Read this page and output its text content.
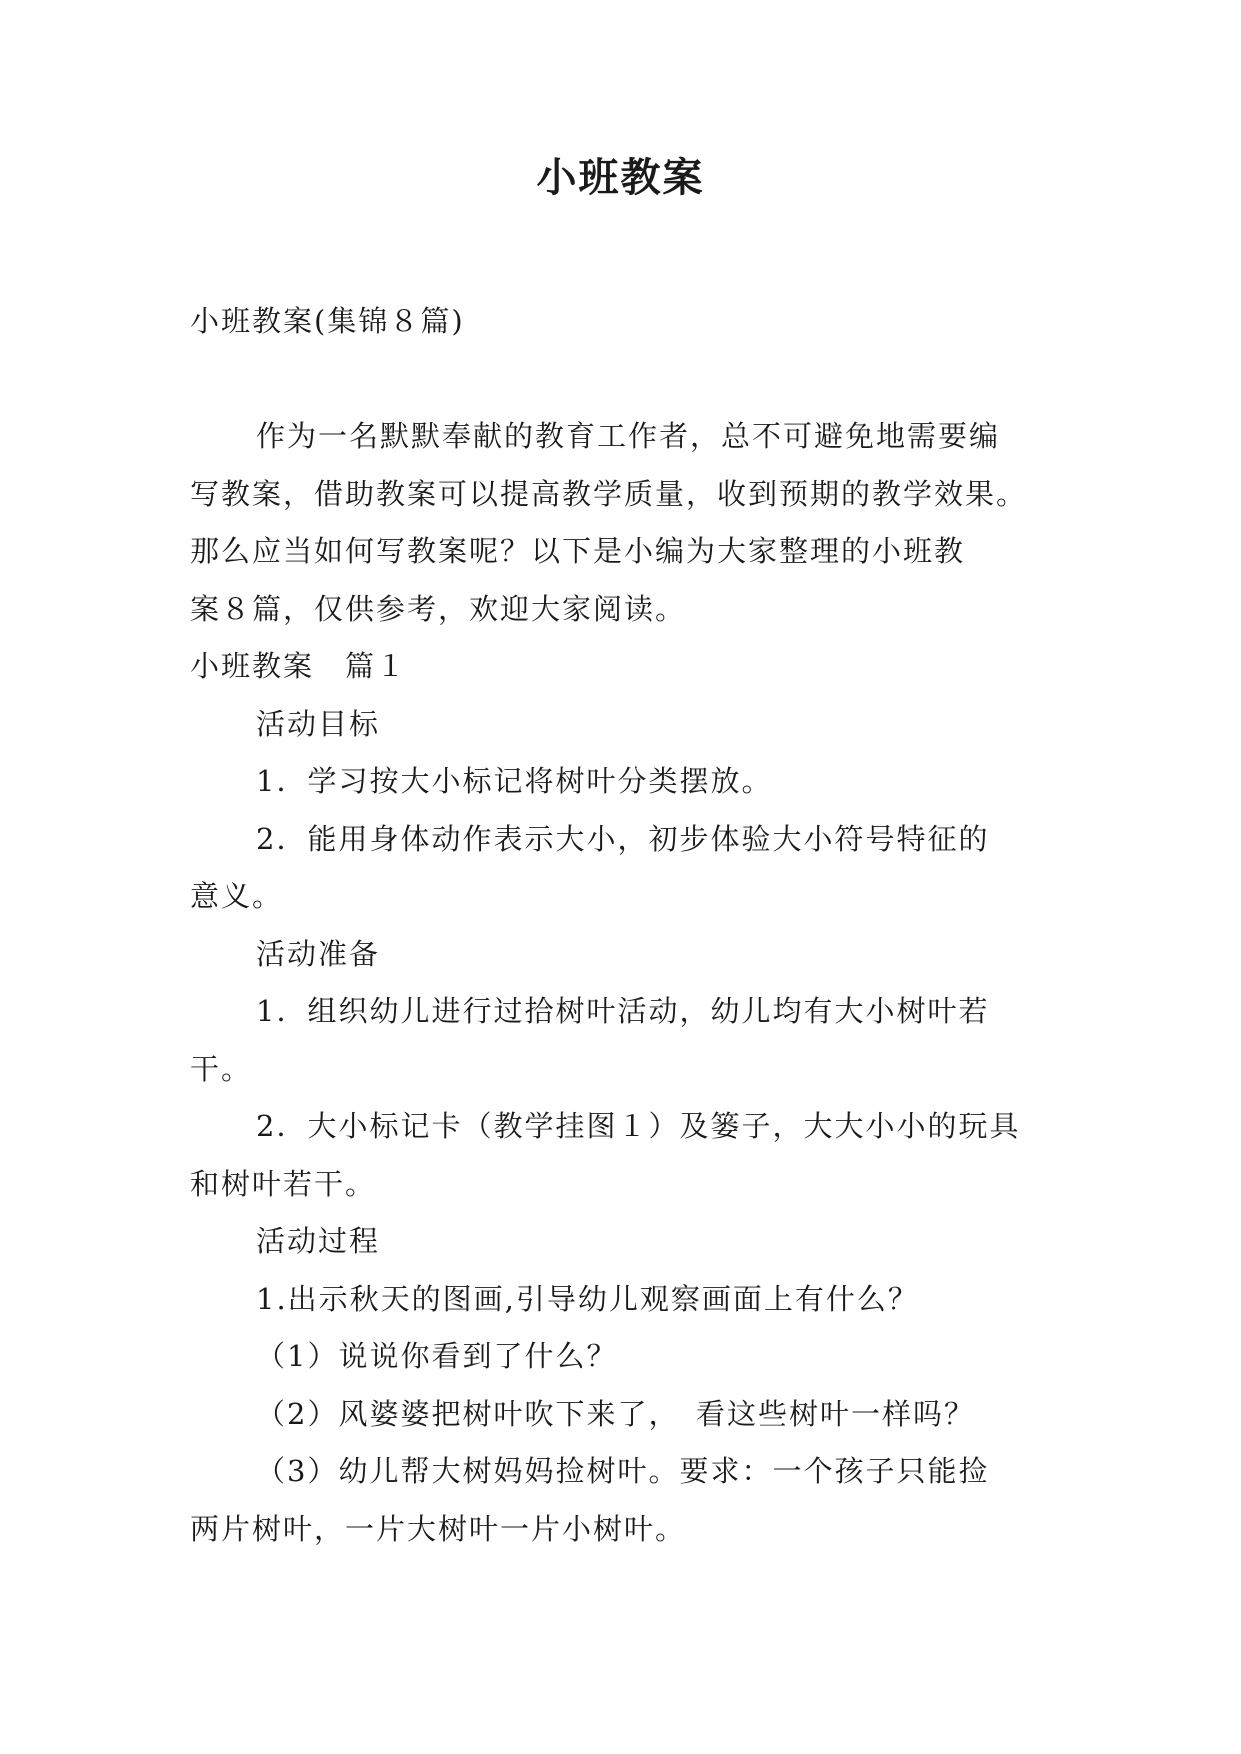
小班教案
小班教案(集锦８篇)
作为一名默默奉献的教育工作者，总不可避免地需要编
写教案，借助教案可以提高教学质量，收到预期的教学效果。
那么应当如何写教案呢？以下是小编为大家整理的小班教
案８篇，仅供参考，欢迎大家阅读。
小班教案　篇１
活动目标
1．学习按大小标记将树叶分类摆放。
2．能用身体动作表示大小，初步体验大小符号特征的
意义。
活动准备
1．组织幼儿进行过拾树叶活动，幼儿均有大小树叶若
干。
2．大小标记卡（教学挂图１）及篓子，大大小小的玩具
和树叶若干。
活动过程
1.出示秋天的图画,引导幼儿观察画面上有什么？
（1）说说你看到了什么？
（2）风婆婆把树叶吹下来了，　看这些树叶一样吗？
（3）幼儿帮大树妈妈捡树叶。要求：一个孩子只能捡
两片树叶，一片大树叶一片小树叶。
